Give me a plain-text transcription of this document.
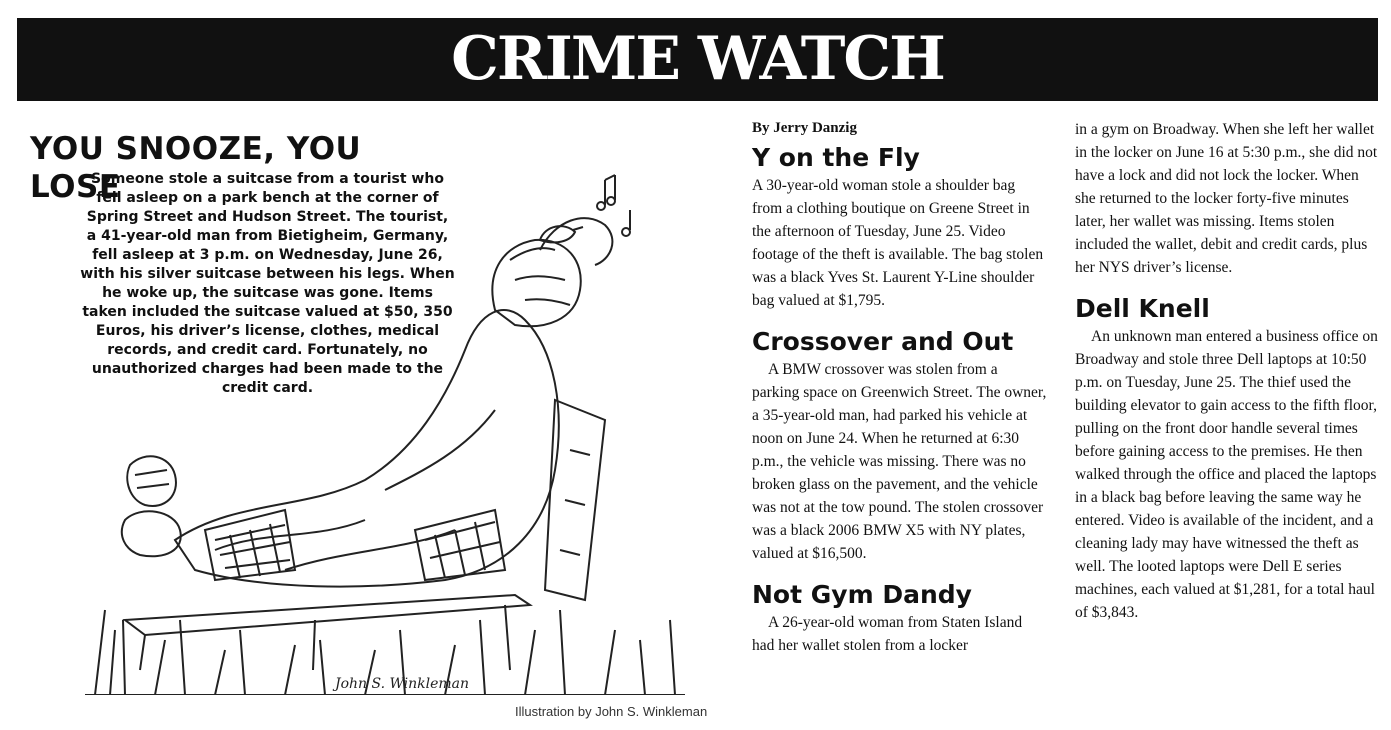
CRIME WATCH
John S. Winkleman
YOU SNOOZE, YOU LOSE

Someone stole a suitcase from a tourist who fell asleep on a park bench at the corner of Spring Street and Hudson Street. The tourist, a 41-year-old man from Bietigheim, Germany, fell asleep at 3 p.m. on Wednesday, June 26, with his silver suitcase between his legs. When he woke up, the suitcase was gone. Items taken included the suitcase valued at $50, 350 Euros, his driver’s license, clothes, medical records, and credit card. Fortunately, no unauthorized charges had been made to the credit card.

Illustration by John S. Winkleman
By Jerry Danzig
Y on the Fly

A 30-year-old woman stole a shoulder bag from a clothing boutique on Greene Street in the afternoon of Tuesday, June 25. Video footage of the theft is available. The bag stolen was a black Yves St. Laurent Y-Line shoulder bag valued at $1,795.

Crossover and Out

A BMW crossover was stolen from a parking space on Greenwich Street. The owner, a 35-year-old man, had parked his vehicle at noon on June 24. When he returned at 6:30 p.m., the vehicle was missing. There was no broken glass on the pavement, and the vehicle was not at the tow pound. The stolen crossover was a black 2006 BMW X5 with NY plates, valued at $16,500.

Not Gym Dandy

A 26-year-old woman from Staten Island had her wallet stolen from a locker

in a gym on Broadway. When she left her wallet in the locker on June 16 at 5:30 p.m., she did not have a lock and did not lock the locker. When she returned to the locker forty-five minutes later, her wallet was missing. Items stolen included the wallet, debit and credit cards, plus her NYS driver’s license.

Dell Knell

An unknown man entered a business office on Broadway and stole three Dell laptops at 10:50 p.m. on Tuesday, June 25. The thief used the building elevator to gain access to the fifth floor, pulling on the front door handle several times before gaining access to the premises. He then walked through the office and placed the laptops in a black bag before leaving the same way he entered. Video is available of the incident, and a cleaning lady may have witnessed the theft as well. The looted laptops were Dell E series machines, each valued at $1,281, for a total haul of $3,843.
